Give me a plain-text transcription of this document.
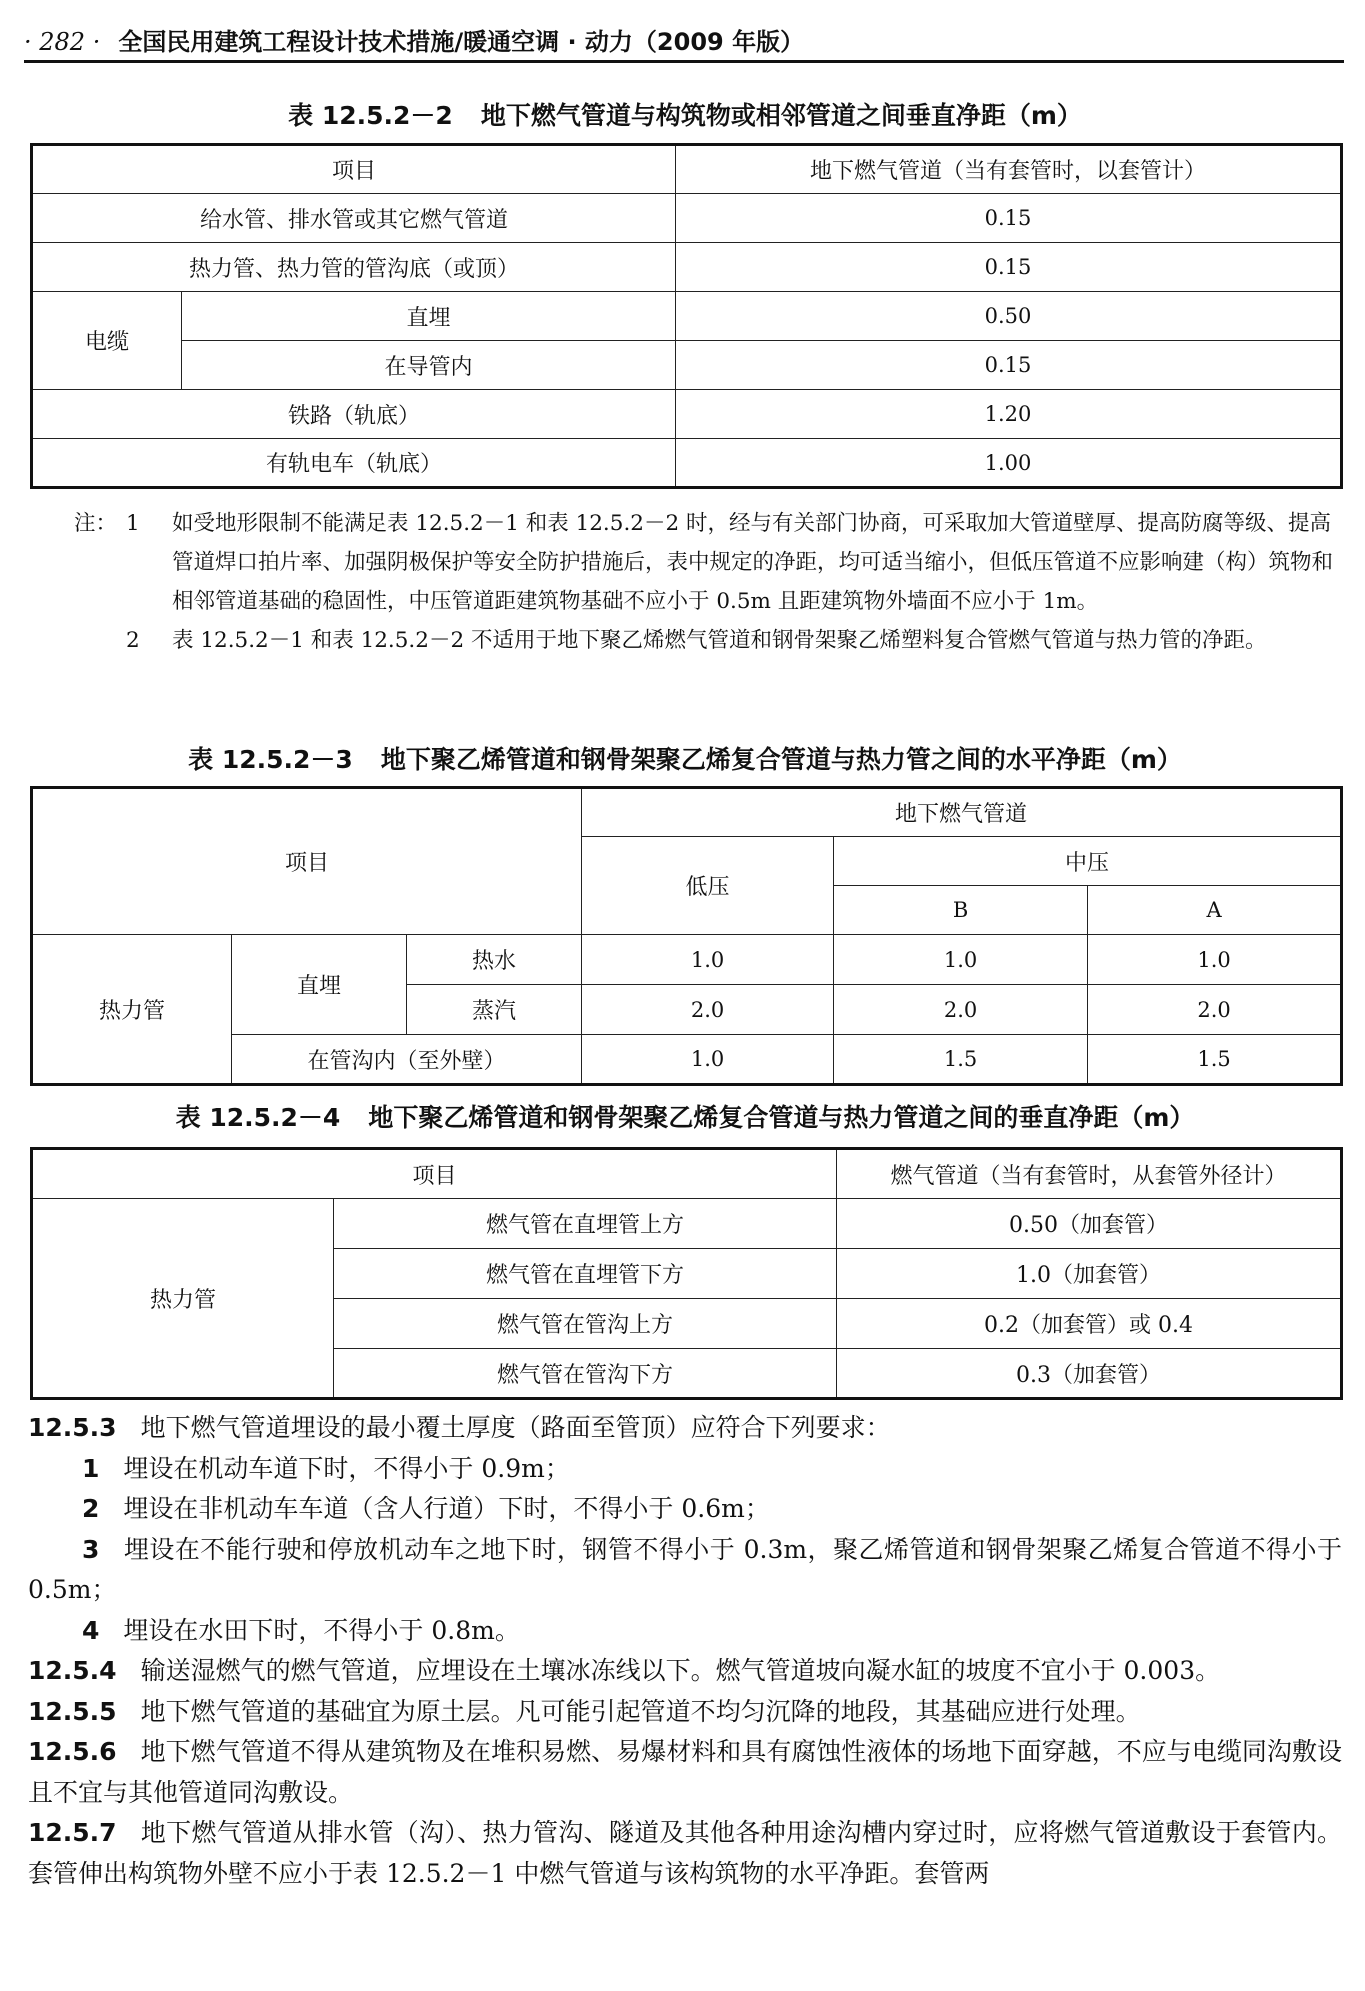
· 282 · 全国民用建筑工程设计技术措施/暖通空调 · 动力（2009 年版）
表 12.5.2－2 地下燃气管道与构筑物或相邻管道之间垂直净距（m）
项目		地下燃气管道（当有套管时，以套管计）
给水管、排水管或其它燃气管道		0.15
热力管、热力管的管沟底（或顶）		0.15
电缆	直埋	0.50
	在导管内	0.15
铁路（轨底）		1.20
有轨电车（轨底）		1.00
注： 1 如受地形限制不能满足表 12.5.2－1 和表 12.5.2－2 时，经与有关部门协商，可采取加大管道壁厚、提高防腐等级、提高管道焊口拍片率、加强阴极保护等安全防护措施后，表中规定的净距，均可适当缩小，但低压管道不应影响建（构）筑物和相邻管道基础的稳固性，中压管道距建筑物基础不应小于 0.5m 且距建筑物外墙面不应小于 1m。
2 表 12.5.2－1 和表 12.5.2－2 不适用于地下聚乙烯燃气管道和钢骨架聚乙烯塑料复合管燃气管道与热力管的净距。
表 12.5.2－3 地下聚乙烯管道和钢骨架聚乙烯复合管道与热力管之间的水平净距（m）
项目			地下燃气管道		
			低压	中压	
				B	A
热力管	直埋	热水	1.0	1.0	1.0
		蒸汽	2.0	2.0	2.0
	在管沟内（至外壁）		1.0	1.5	1.5
表 12.5.2－4 地下聚乙烯管道和钢骨架聚乙烯复合管道与热力管道之间的垂直净距（m）
项目		燃气管道（当有套管时，从套管外径计）
热力管	燃气管在直埋管上方	0.50（加套管）
	燃气管在直埋管下方	1.0（加套管）
	燃气管在管沟上方	0.2（加套管）或 0.4
	燃气管在管沟下方	0.3（加套管）

12.5.3 地下燃气管道埋设的最小覆土厚度（路面至管顶）应符合下列要求：

1 埋设在机动车道下时，不得小于 0.9m；

2 埋设在非机动车车道（含人行道）下时，不得小于 0.6m；

3 埋设在不能行驶和停放机动车之地下时，钢管不得小于 0.3m，聚乙烯管道和钢骨架聚乙烯复合管道不得小于 0.5m；

4 埋设在水田下时，不得小于 0.8m。

12.5.4 输送湿燃气的燃气管道，应埋设在土壤冰冻线以下。燃气管道坡向凝水缸的坡度不宜小于 0.003。

12.5.5 地下燃气管道的基础宜为原土层。凡可能引起管道不均匀沉降的地段，其基础应进行处理。

12.5.6 地下燃气管道不得从建筑物及在堆积易燃、易爆材料和具有腐蚀性液体的场地下面穿越，不应与电缆同沟敷设且不宜与其他管道同沟敷设。

12.5.7 地下燃气管道从排水管（沟）、热力管沟、隧道及其他各种用途沟槽内穿过时，应将燃气管道敷设于套管内。套管伸出构筑物外壁不应小于表 12.5.2－1 中燃气管道与该构筑物的水平净距。套管两
